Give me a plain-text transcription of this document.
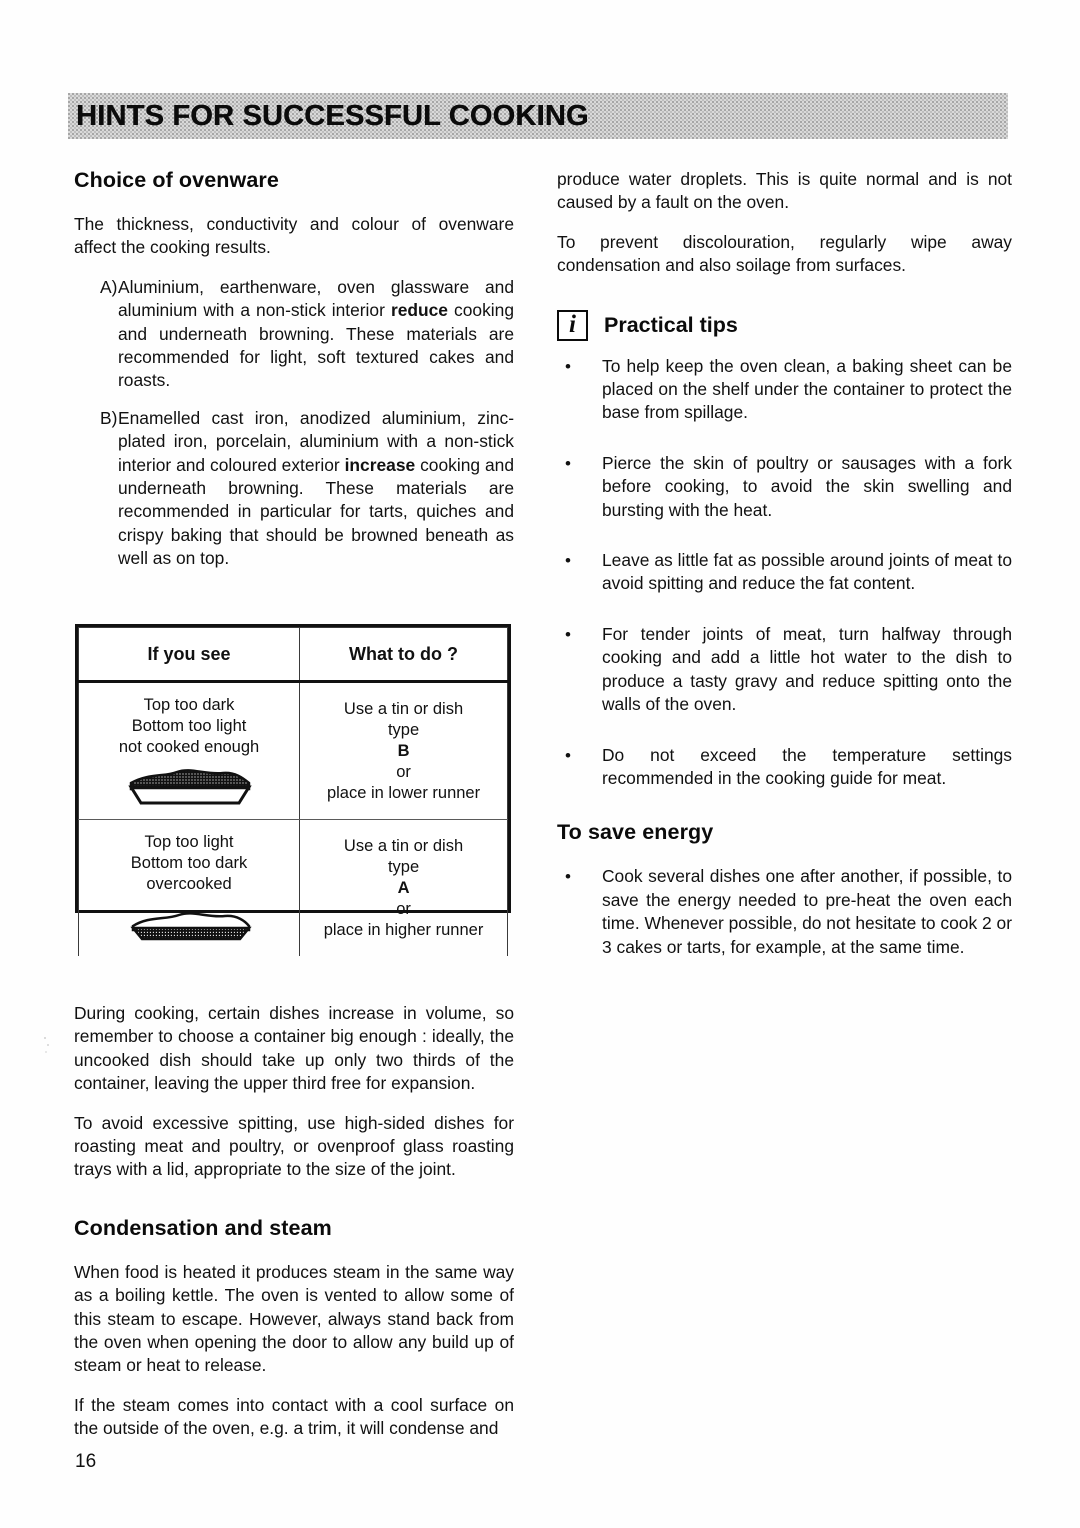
HINTS FOR SUCCESSFUL COOKING
Choice of ovenware

The thickness, conductivity and colour of ovenware affect the cooking results.

A) Aluminium, earthenware, oven glassware and aluminium with a non-stick interior reduce cooking and underneath browning. These materials are recommended for light, soft textured cakes and roasts.
B) Enamelled cast iron, anodized aluminium, zinc-plated iron, porcelain, aluminium with a non-stick interior and coloured exterior increase cooking and underneath browning. These materials are recommended in particular for tarts, quiches and crispy baking that should be browned beneath as well as on top.
If you see	What to do ?

Top too dark
Bottom too light
not cooked enough	Use a tin or dish
type
B
or
place in lower runner

Top too light
Bottom too dark
overcooked	Use a tin or dish
type
A
or
place in higher runner

During cooking, certain dishes increase in volume, so remember to choose a container big enough : ideally, the uncooked dish should take up only two thirds of the container, leaving the upper third free for expansion.

To avoid excessive spitting, use high-sided dishes for roasting meat and poultry, or ovenproof glass roasting trays with a lid, appropriate to the size of the joint.

Condensation and steam

When food is heated it produces steam in the same way as a boiling kettle. The oven is vented to allow some of this steam to escape. However, always stand back from the oven when opening the door to allow any build up of steam or heat to release.

If the steam comes into contact with a cool surface on the outside of the oven, e.g. a trim, it will condense and

produce water droplets. This is quite normal and is not caused by a fault on the oven.

To prevent discolouration, regularly wipe away condensation and also soilage from surfaces.

i Practical tips
•	To help keep the oven clean, a baking sheet can be placed on the shelf under the container to protect the base from spillage.
•	Pierce the skin of poultry or sausages with a fork before cooking, to avoid the skin swelling and bursting with the heat.
•	Leave as little fat as possible around joints of meat to avoid spitting and reduce the fat content.
•	For tender joints of meat, turn halfway through cooking and add a little hot water to the dish to produce a tasty gravy and reduce spitting onto the walls of the oven.
•	Do not exceed the temperature settings recommended in the cooking guide for meat.
To save energy
•	Cook several dishes one after another, if possible, to save the energy needed to pre-heat the oven each time. Whenever possible, do not hesitate to cook 2 or 3 cakes or tarts, for example, at the same time.
16
